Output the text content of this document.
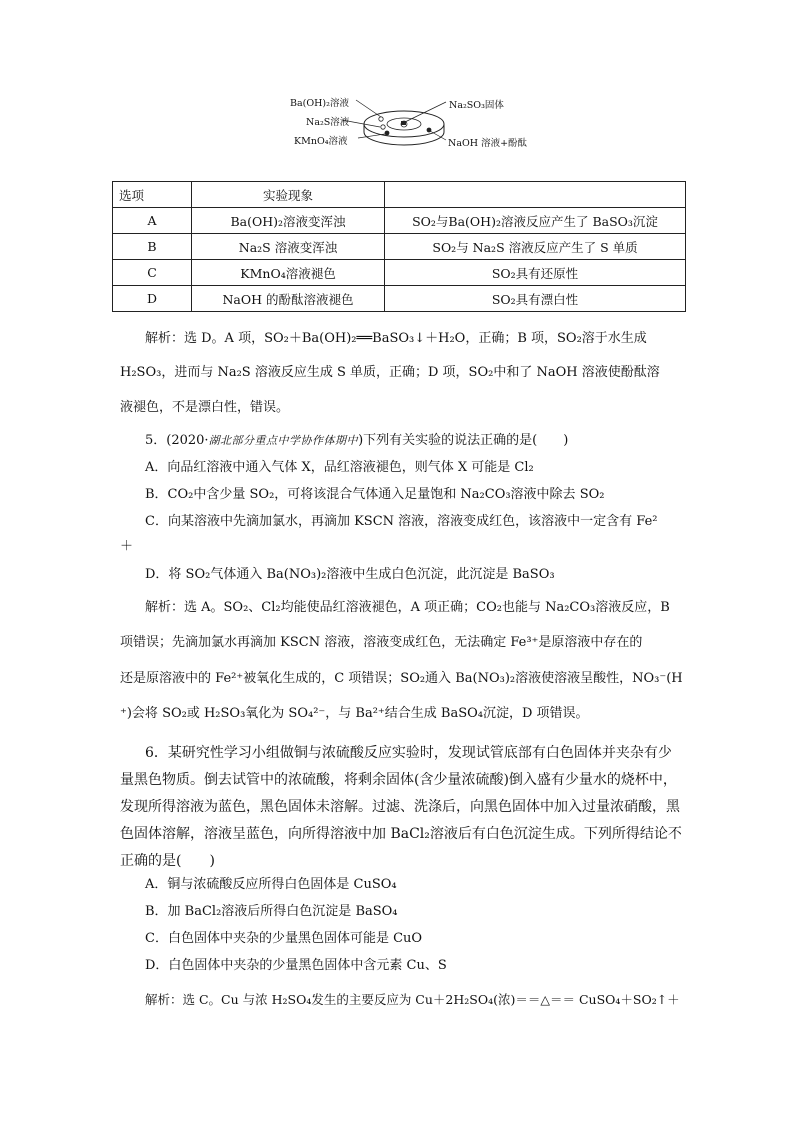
Ba(OH)₂溶液
Na₂S溶液
KMnO₄溶液
Na₂SO₃固体
NaOH 溶液+酚酞
选项	实验现象	
A	Ba(OH)₂溶液变浑浊	SO₂与Ba(OH)₂溶液反应产生了 BaSO₃沉淀
B	Na₂S 溶液变浑浊	SO₂与 Na₂S 溶液反应产生了 S 单质
C	KMnO₄溶液褪色	SO₂具有还原性
D	NaOH 的酚酞溶液褪色	SO₂具有漂白性
解析：选 D。A 项，SO₂＋Ba(OH)₂══BaSO₃↓＋H₂O，正确；B 项，SO₂溶于水生成
H₂SO₃，进而与 Na₂S 溶液反应生成 S 单质，正确；D 项，SO₂中和了 NaOH 溶液使酚酞溶
液褪色，不是漂白性，错误。
5．(2020·湖北部分重点中学协作体期中)下列有关实验的说法正确的是(　　)
A．向品红溶液中通入气体 X，品红溶液褪色，则气体 X 可能是 Cl₂
B．CO₂中含少量 SO₂，可将该混合气体通入足量饱和 Na₂CO₃溶液中除去 SO₂
C．向某溶液中先滴加氯水，再滴加 KSCN 溶液，溶液变成红色，该溶液中一定含有 Fe²
＋
D．将 SO₂气体通入 Ba(NO₃)₂溶液中生成白色沉淀，此沉淀是 BaSO₃
解析：选 A。SO₂、Cl₂均能使品红溶液褪色，A 项正确；CO₂也能与 Na₂CO₃溶液反应，B
项错误；先滴加氯水再滴加 KSCN 溶液，溶液变成红色，无法确定 Fe³⁺是原溶液中存在的
还是原溶液中的 Fe²⁺被氧化生成的，C 项错误；SO₂通入 Ba(NO₃)₂溶液使溶液呈酸性，NO₃⁻(H
⁺)会将 SO₂或 H₂SO₃氧化为 SO₄²⁻，与 Ba²⁺结合生成 BaSO₄沉淀，D 项错误。
6．某研究性学习小组做铜与浓硫酸反应实验时，发现试管底部有白色固体并夹杂有少
量黑色物质。倒去试管中的浓硫酸，将剩余固体(含少量浓硫酸)倒入盛有少量水的烧杯中，
发现所得溶液为蓝色，黑色固体未溶解。过滤、洗涤后，向黑色固体中加入过量浓硝酸，黑
色固体溶解，溶液呈蓝色，向所得溶液中加 BaCl₂溶液后有白色沉淀生成。下列所得结论不
正确的是(　　)
A．铜与浓硫酸反应所得白色固体是 CuSO₄
B．加 BaCl₂溶液后所得白色沉淀是 BaSO₄
C．白色固体中夹杂的少量黑色固体可能是 CuO
D．白色固体中夹杂的少量黑色固体中含元素 Cu、S
解析：选 C。Cu 与浓 H₂SO₄发生的主要反应为 Cu＋2H₂SO₄(浓)＝＝△＝＝ CuSO₄＋SO₂↑＋
